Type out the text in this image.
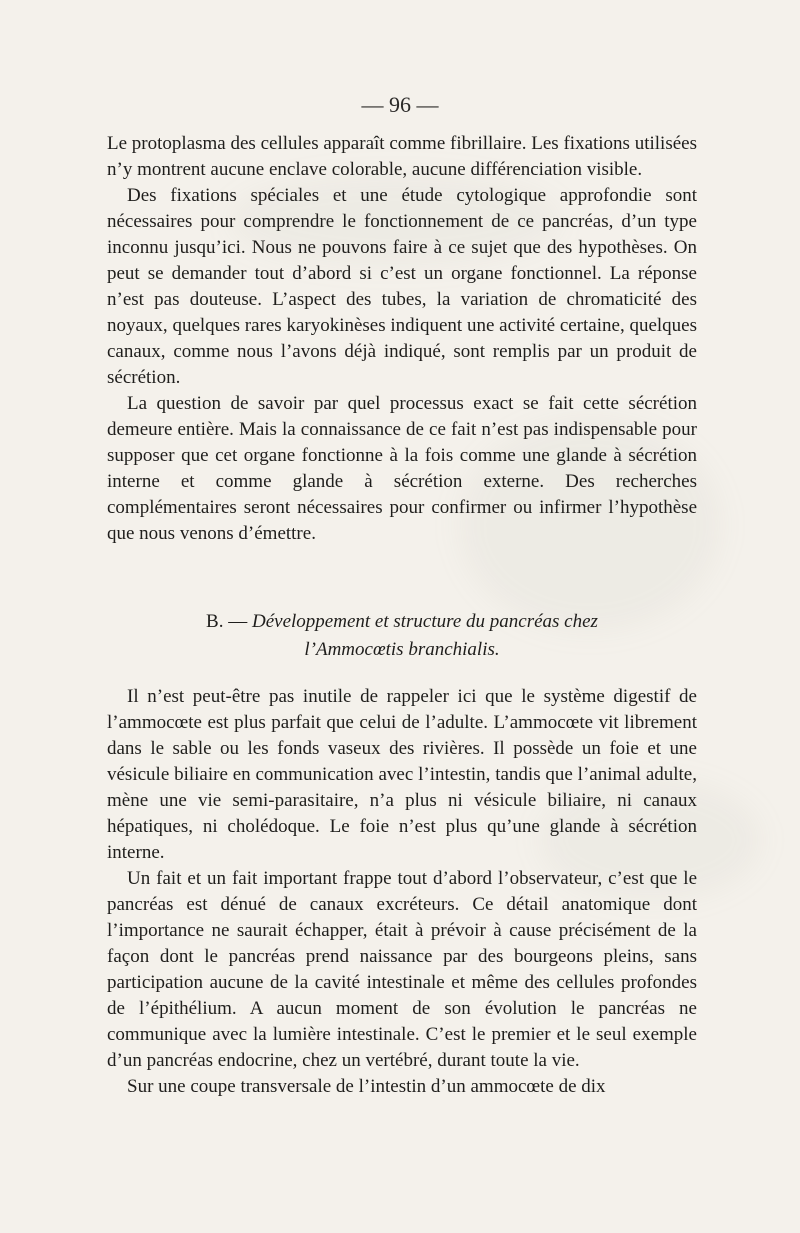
— 96 —

Le protoplasma des cellules apparaît comme fibrillaire. Les fixations utilisées n’y montrent aucune enclave colorable, aucune différenciation visible.

Des fixations spéciales et une étude cytologique approfondie sont nécessaires pour comprendre le fonctionnement de ce pancréas, d’un type inconnu jusqu’ici. Nous ne pouvons faire à ce sujet que des hypothèses. On peut se demander tout d’abord si c’est un organe fonctionnel. La réponse n’est pas douteuse. L’aspect des tubes, la variation de chromaticité des noyaux, quelques rares karyokinèses indiquent une activité certaine, quelques canaux, comme nous l’avons déjà indiqué, sont remplis par un produit de sécrétion.

La question de savoir par quel processus exact se fait cette sécrétion demeure entière. Mais la connaissance de ce fait n’est pas indispensable pour supposer que cet organe fonctionne à la fois comme une glande à sécrétion interne et comme glande à sécrétion externe. Des recherches complémentaires seront nécessaires pour confirmer ou infirmer l’hypothèse que nous venons d’émettre.

B. — Développement et structure du pancréas chez
l’Ammocœtis branchialis.

Il n’est peut-être pas inutile de rappeler ici que le système digestif de l’ammocœte est plus parfait que celui de l’adulte. L’ammocœte vit librement dans le sable ou les fonds vaseux des rivières. Il possède un foie et une vésicule biliaire en communication avec l’intestin, tandis que l’animal adulte, mène une vie semi-parasitaire, n’a plus ni vésicule biliaire, ni canaux hépatiques, ni cholédoque. Le foie n’est plus qu’une glande à sécrétion interne.

Un fait et un fait important frappe tout d’abord l’observateur, c’est que le pancréas est dénué de canaux excréteurs. Ce détail anatomique dont l’importance ne saurait échapper, était à prévoir à cause précisément de la façon dont le pancréas prend naissance par des bourgeons pleins, sans participation aucune de la cavité intestinale et même des cellules profondes de l’épithélium. A aucun moment de son évolution le pancréas ne communique avec la lumière intestinale. C’est le premier et le seul exemple d’un pancréas endocrine, chez un vertébré, durant toute la vie.

Sur une coupe transversale de l’intestin d’un ammocœte de dix
